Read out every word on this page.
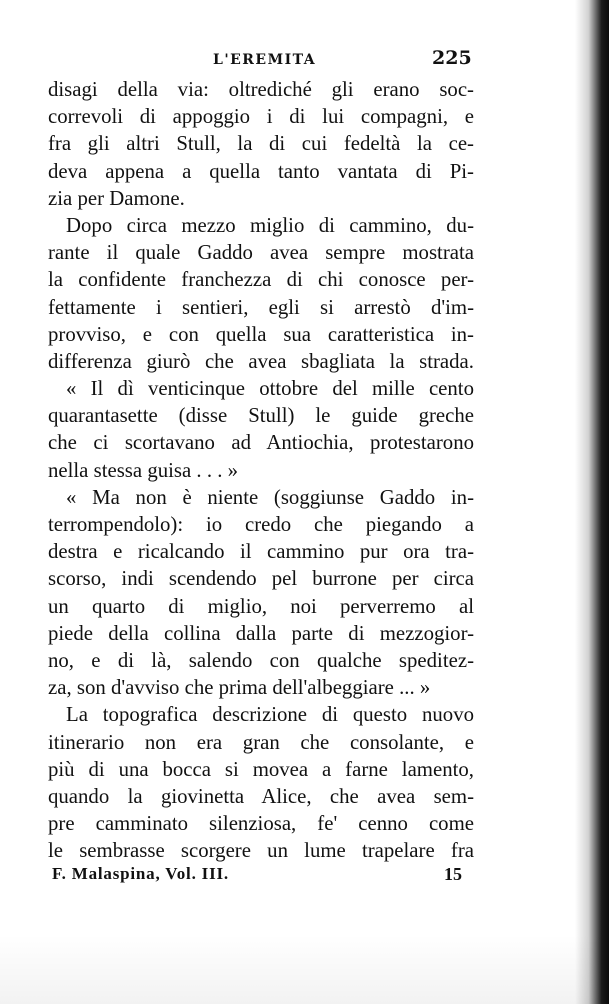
L'EREMITA	225
disagi della via: oltrediché gli erano soc-
correvoli di appoggio i di lui compagni, e
fra gli altri Stull, la di cui fedeltà la ce-
deva appena a quella tanto vantata di Pi-
zia per Damone.
Dopo circa mezzo miglio di cammino, du-
rante il quale Gaddo avea sempre mostrata
la confidente franchezza di chi conosce per-
fettamente i sentieri, egli si arrestò d'im-
provviso, e con quella sua caratteristica in-
differenza giurò che avea sbagliata la strada.
« Il dì venticinque ottobre del mille cento
quarantasette (disse Stull) le guide greche
che ci scortavano ad Antiochia, protestarono
nella stessa guisa . . . »
« Ma non è niente (soggiunse Gaddo in-
terrompendolo): io credo che piegando a
destra e ricalcando il cammino pur ora tra-
scorso, indi scendendo pel burrone per circa
un quarto di miglio, noi perverremo al
piede della collina dalla parte di mezzogior-
no, e di là, salendo con qualche speditez-
za, son d'avviso che prima dell'albeggiare ... »
La topografica descrizione di questo nuovo
itinerario non era gran che consolante, e
più di una bocca si movea a farne lamento,
quando la giovinetta Alice, che avea sem-
pre camminato silenziosa, fe' cenno come
le sembrasse scorgere un lume trapelare fra
F. Malaspina, Vol. III.	15
